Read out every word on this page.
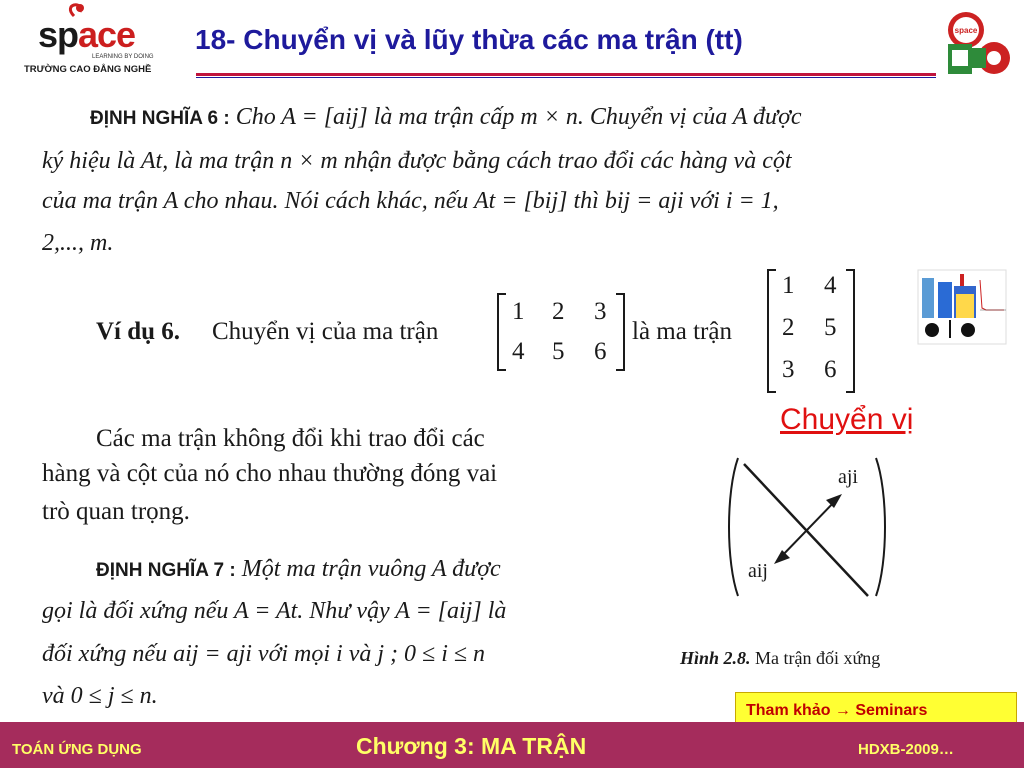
space
LEARNING BY DOING
TRƯỜNG CAO ĐẲNG NGHỀ
18- Chuyển vị và lũy thừa các ma trận (tt)	space
ĐỊNH NGHĨA 6 : Cho A = [aij] là ma trận cấp m × n. Chuyển vị của A được
ký hiệu là At, là ma trận n × m nhận được bằng cách trao đổi các hàng và cột
của ma trận A cho nhau. Nói cách khác, nếu At = [bij] thì bij = aji với i = 1,
2,..., m.
Ví dụ 6. Chuyển vị của ma trận
1 2 3
4 5 6
là ma trận
1 4
2 5
3 6
Các ma trận không đổi khi trao đổi các
hàng và cột của nó cho nhau thường đóng vai
trò quan trọng.
ĐỊNH NGHĨA 7 : Một ma trận vuông A được
gọi là đối xứng nếu A = At. Như vậy A = [aij] là
đối xứng nếu aij = aji với mọi i và j ; 0 ≤ i ≤ n
và 0 ≤ j ≤ n.
Chuyển vị
aji
aij
Hình 2.8. Ma trận đối xứng
Tham khảo → Seminars
TOÁN ỨNG DỤNG	Chương 3: MA TRẬN	HDXB-2009…
